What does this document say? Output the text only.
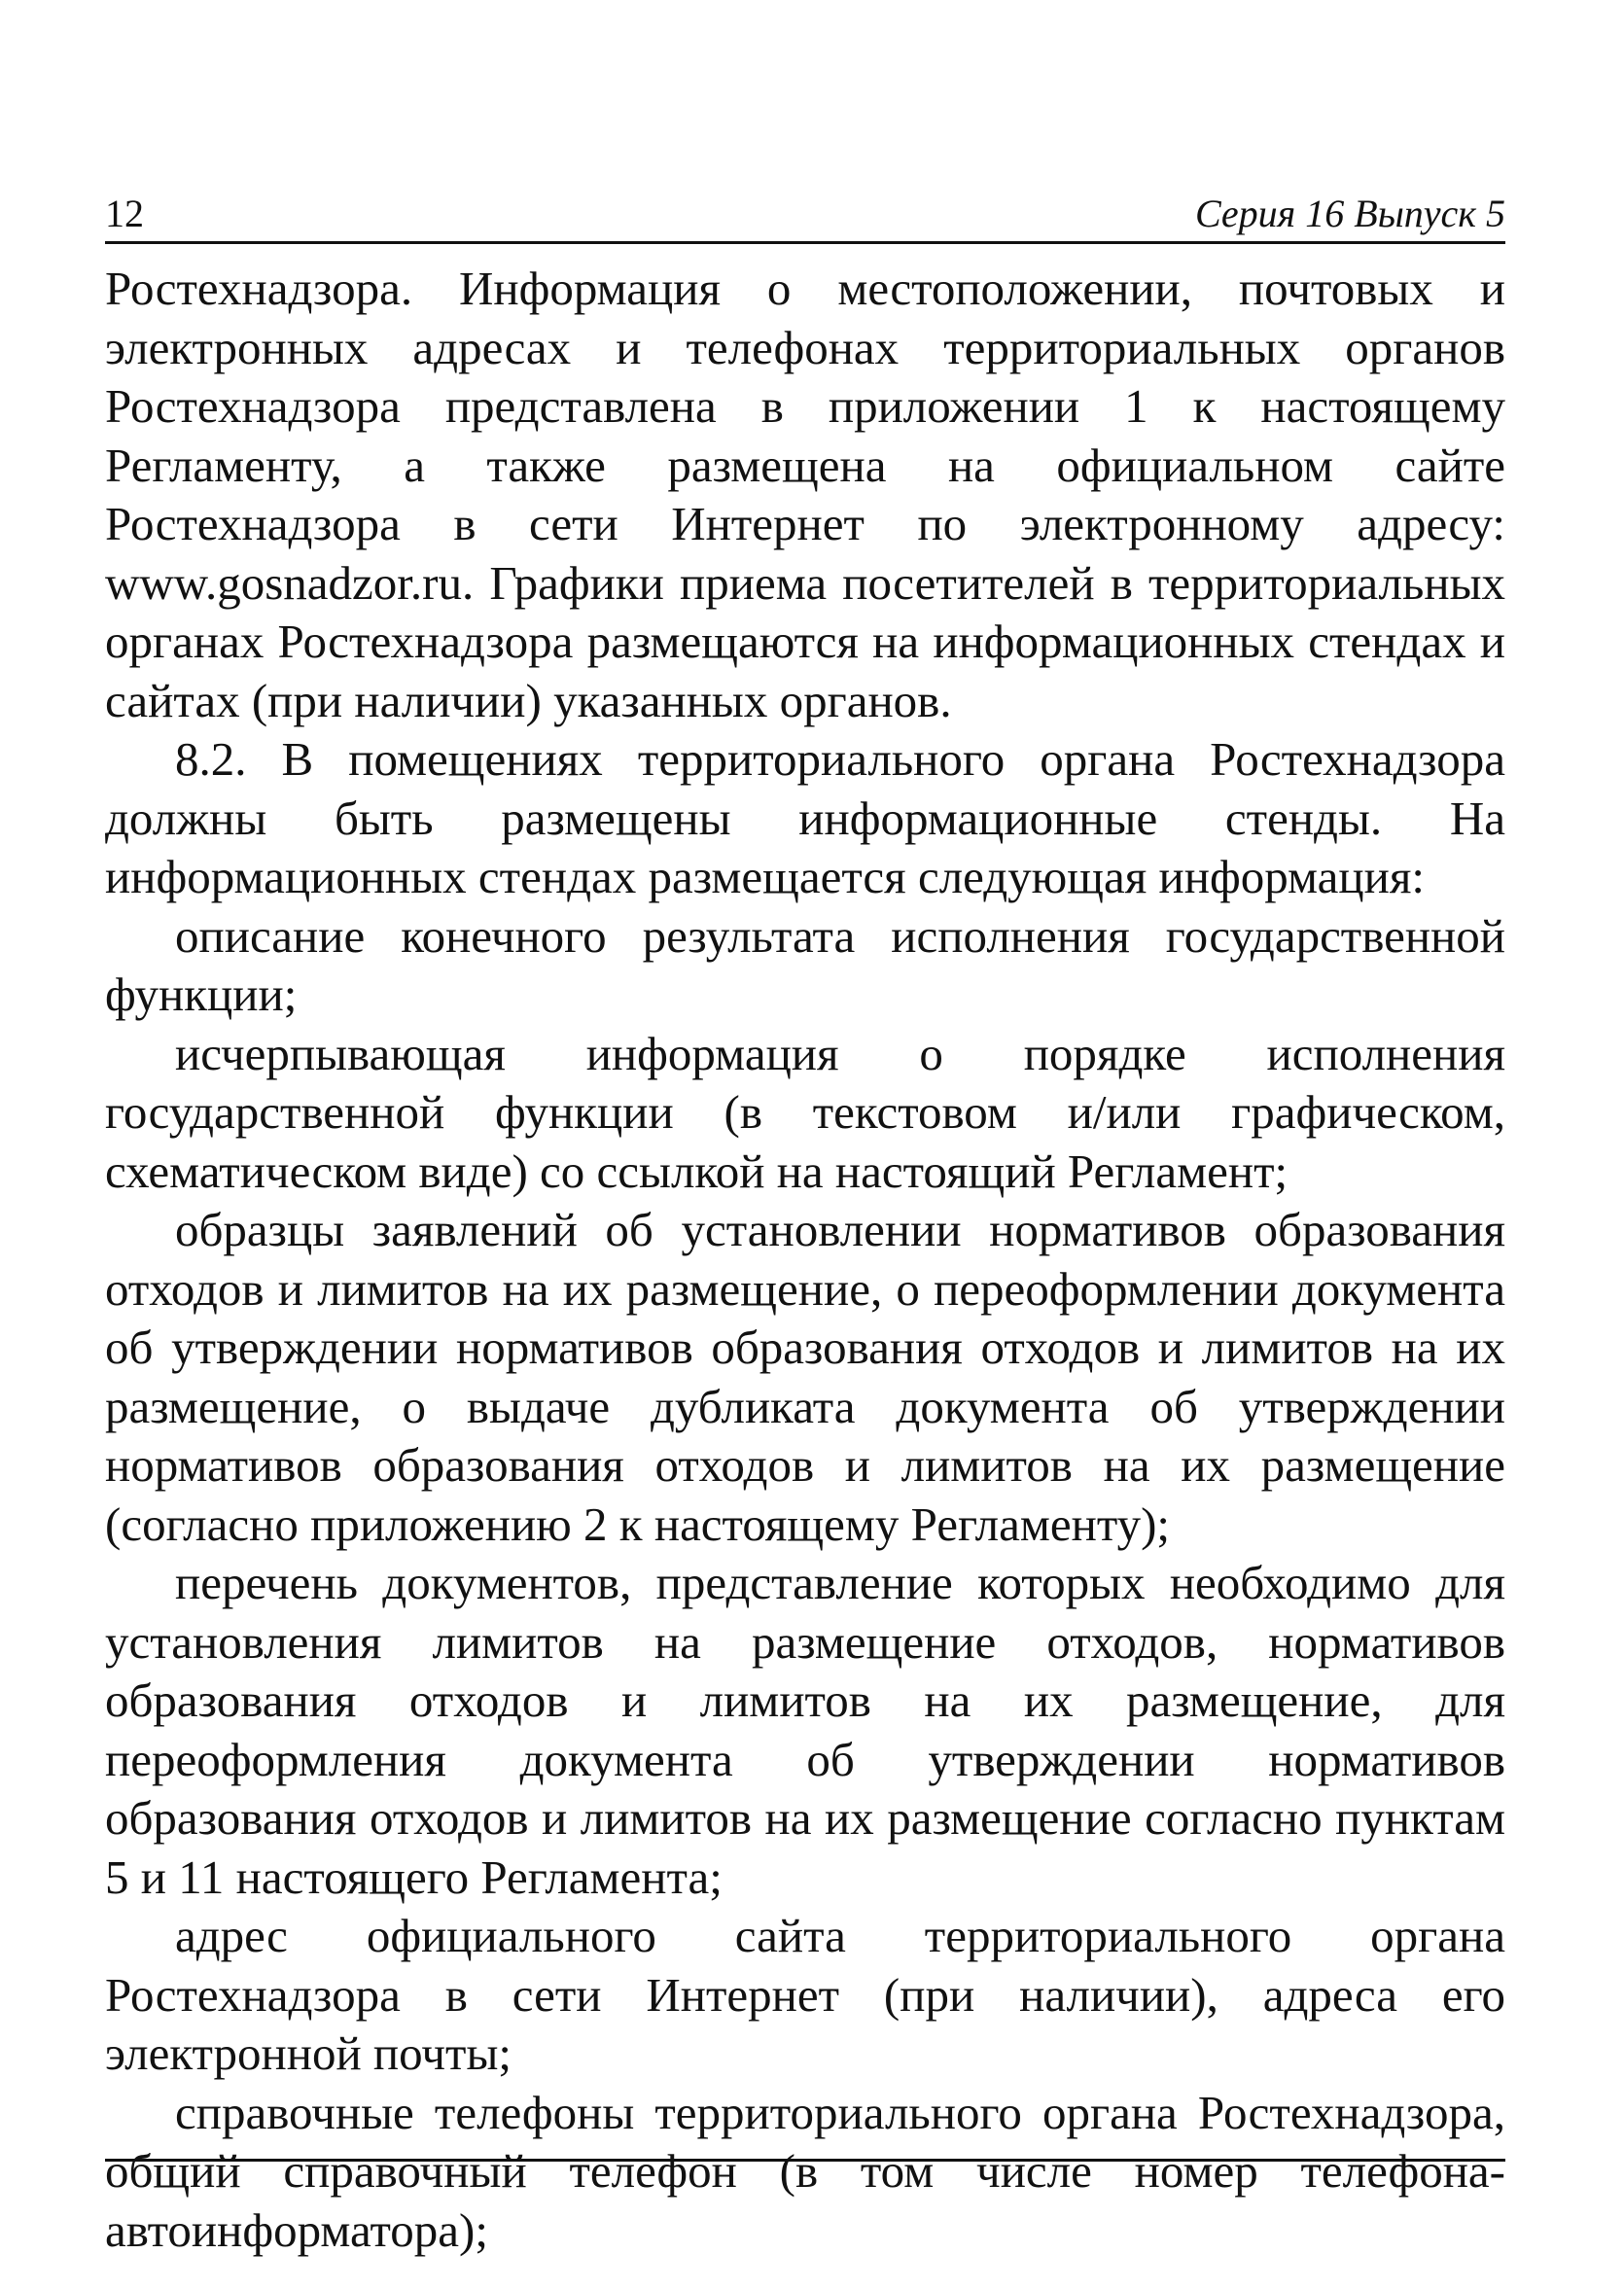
12	Серия 16 Выпуск 5

Ростехнадзора. Информация о местоположении, почтовых и электронных адресах и телефонах территориальных органов Ростехнадзора представлена в приложении 1 к настоящему Регламенту, а также размещена на официальном сайте Ростехнадзора в сети Интернет по электронному адресу: www.gosnadzor.ru. Графики приема посетителей в территориальных органах Ростехнадзора размещаются на информационных стендах и сайтах (при наличии) указанных органов.

8.2. В помещениях территориального органа Ростехнадзора должны быть размещены информационные стенды. На информационных стендах размещается следующая информация:

описание конечного результата исполнения государственной функции;

исчерпывающая информация о порядке исполнения государственной функции (в текстовом и/или графическом, схематическом виде) со ссылкой на настоящий Регламент;

образцы заявлений об установлении нормативов образования отходов и лимитов на их размещение, о переоформлении документа об утверждении нормативов образования отходов и лимитов на их размещение, о выдаче дубликата документа об утверждении нормативов образования отходов и лимитов на их размещение (согласно приложению 2 к настоящему Регламенту);

перечень документов, представление которых необходимо для установления лимитов на размещение отходов, нормативов образования отходов и лимитов на их размещение, для переоформления документа об утверждении нормативов образования отходов и лимитов на их размещение согласно пунктам 5 и 11 настоящего Регламента;

адрес официального сайта территориального органа Ростехнадзора в сети Интернет (при наличии), адреса его электронной почты;

справочные телефоны территориального органа Ростехнадзора, общий справочный телефон (в том числе номер телефона-автоинформатора);
